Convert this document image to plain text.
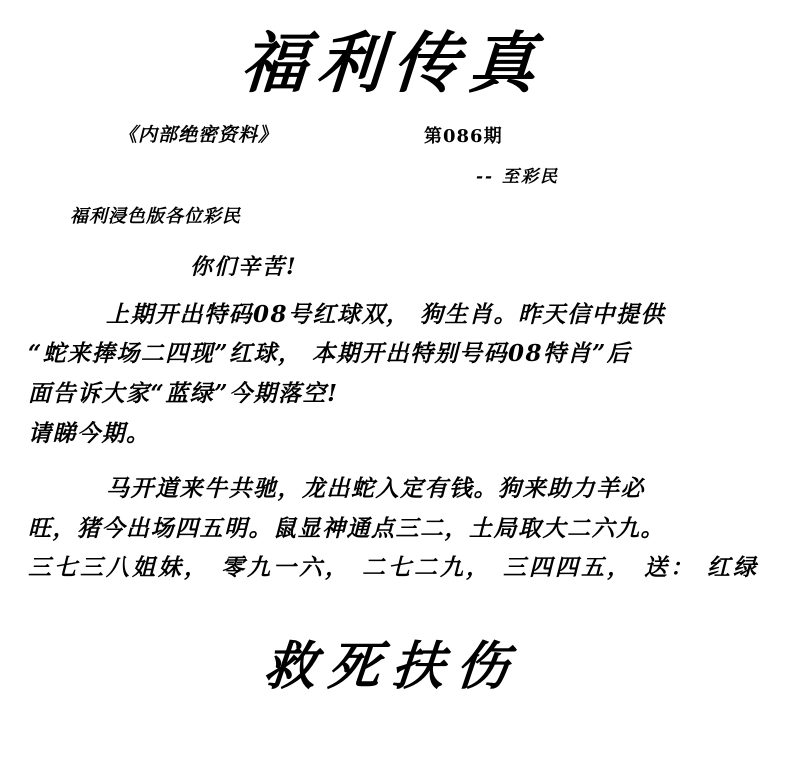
福利传真
《内部绝密资料》	第086期
-- 至彩民
福利浸色版各位彩民
你们辛苦!
上期开出特码08号红球双， 狗生肖。昨天信中提供
“蛇来捧场二四现”红球， 本期开出特别号码08特肖”后
面告诉大家“蓝绿”今期落空!
请睇今期。
马开道来牛共驰，龙出蛇入定有钱。狗来助力羊必
旺，猪今出场四五明。鼠显神通点三二，土局取大二六九。
三七三八姐妹， 零九一六， 二七二九， 三四四五， 送： 红绿
救死扶伤
